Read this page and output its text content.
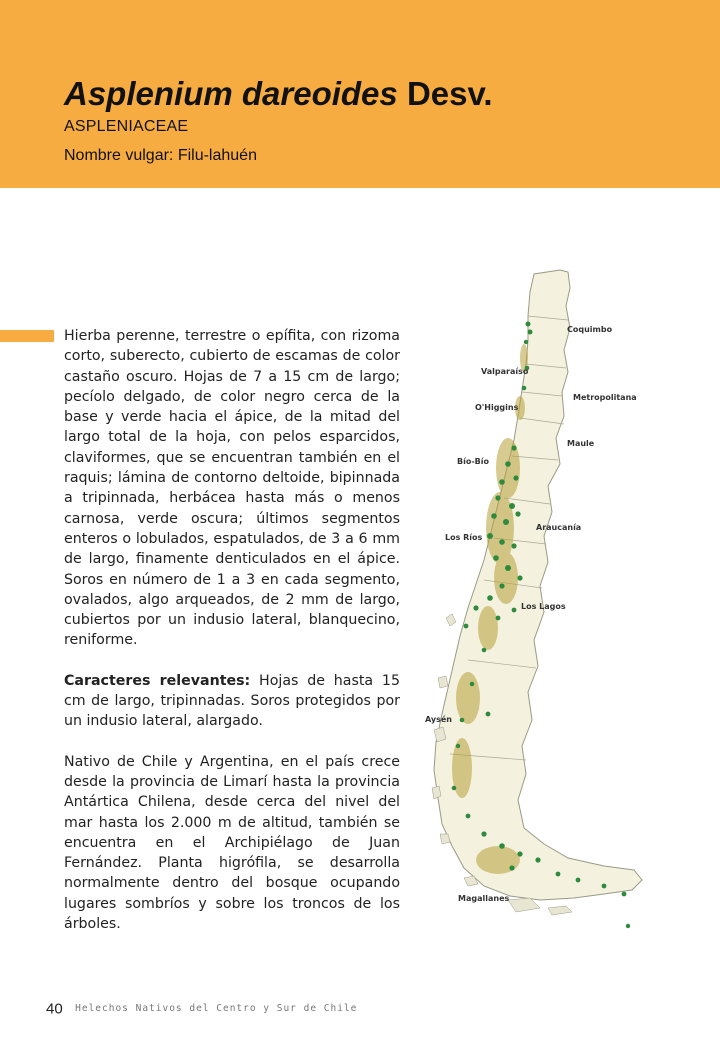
Asplenium dareoides Desv.
ASPLENIACEAE
Nombre vulgar: Filu-lahuén

Hierba perenne, terrestre o epífita, con rizoma corto, suberecto, cubierto de escamas de color castaño oscuro. Hojas de 7 a 15 cm de largo; pecíolo delgado, de color negro cerca de la base y verde hacia el ápice, de la mitad del largo total de la hoja, con pelos esparcidos, claviformes, que se encuentran también en el raquis; lámina de contorno deltoide, bipinnada a tripinnada, herbácea hasta más o menos carnosa, verde oscura; últimos segmentos enteros o lobulados, espatulados, de 3 a 6 mm de largo, finamente denticulados en el ápice. Soros en número de 1 a 3 en cada segmento, ovalados, algo arqueados, de 2 mm de largo, cubiertos por un indusio lateral, blanquecino, reniforme.

Caracteres relevantes: Hojas de hasta 15 cm de largo, tripinnadas. Soros protegidos por un indusio lateral, alargado.

Nativo de Chile y Argentina, en el país crece desde la provincia de Limarí hasta la provincia Antártica Chilena, desde cerca del nivel del mar hasta los 2.000 m de altitud, también se encuentra en el Archipiélago de Juan Fernández. Planta higrófila, se desarrolla normalmente dentro del bosque ocupando lugares sombríos y sobre los troncos de los árboles.

Coquimbo
Valparaíso
Metropolitana
O'Higgins
Maule
Bío-Bío
Araucanía
Los Ríos
Los Lagos
Aysén
Magallanes
40 Helechos Nativos del Centro y Sur de Chile
